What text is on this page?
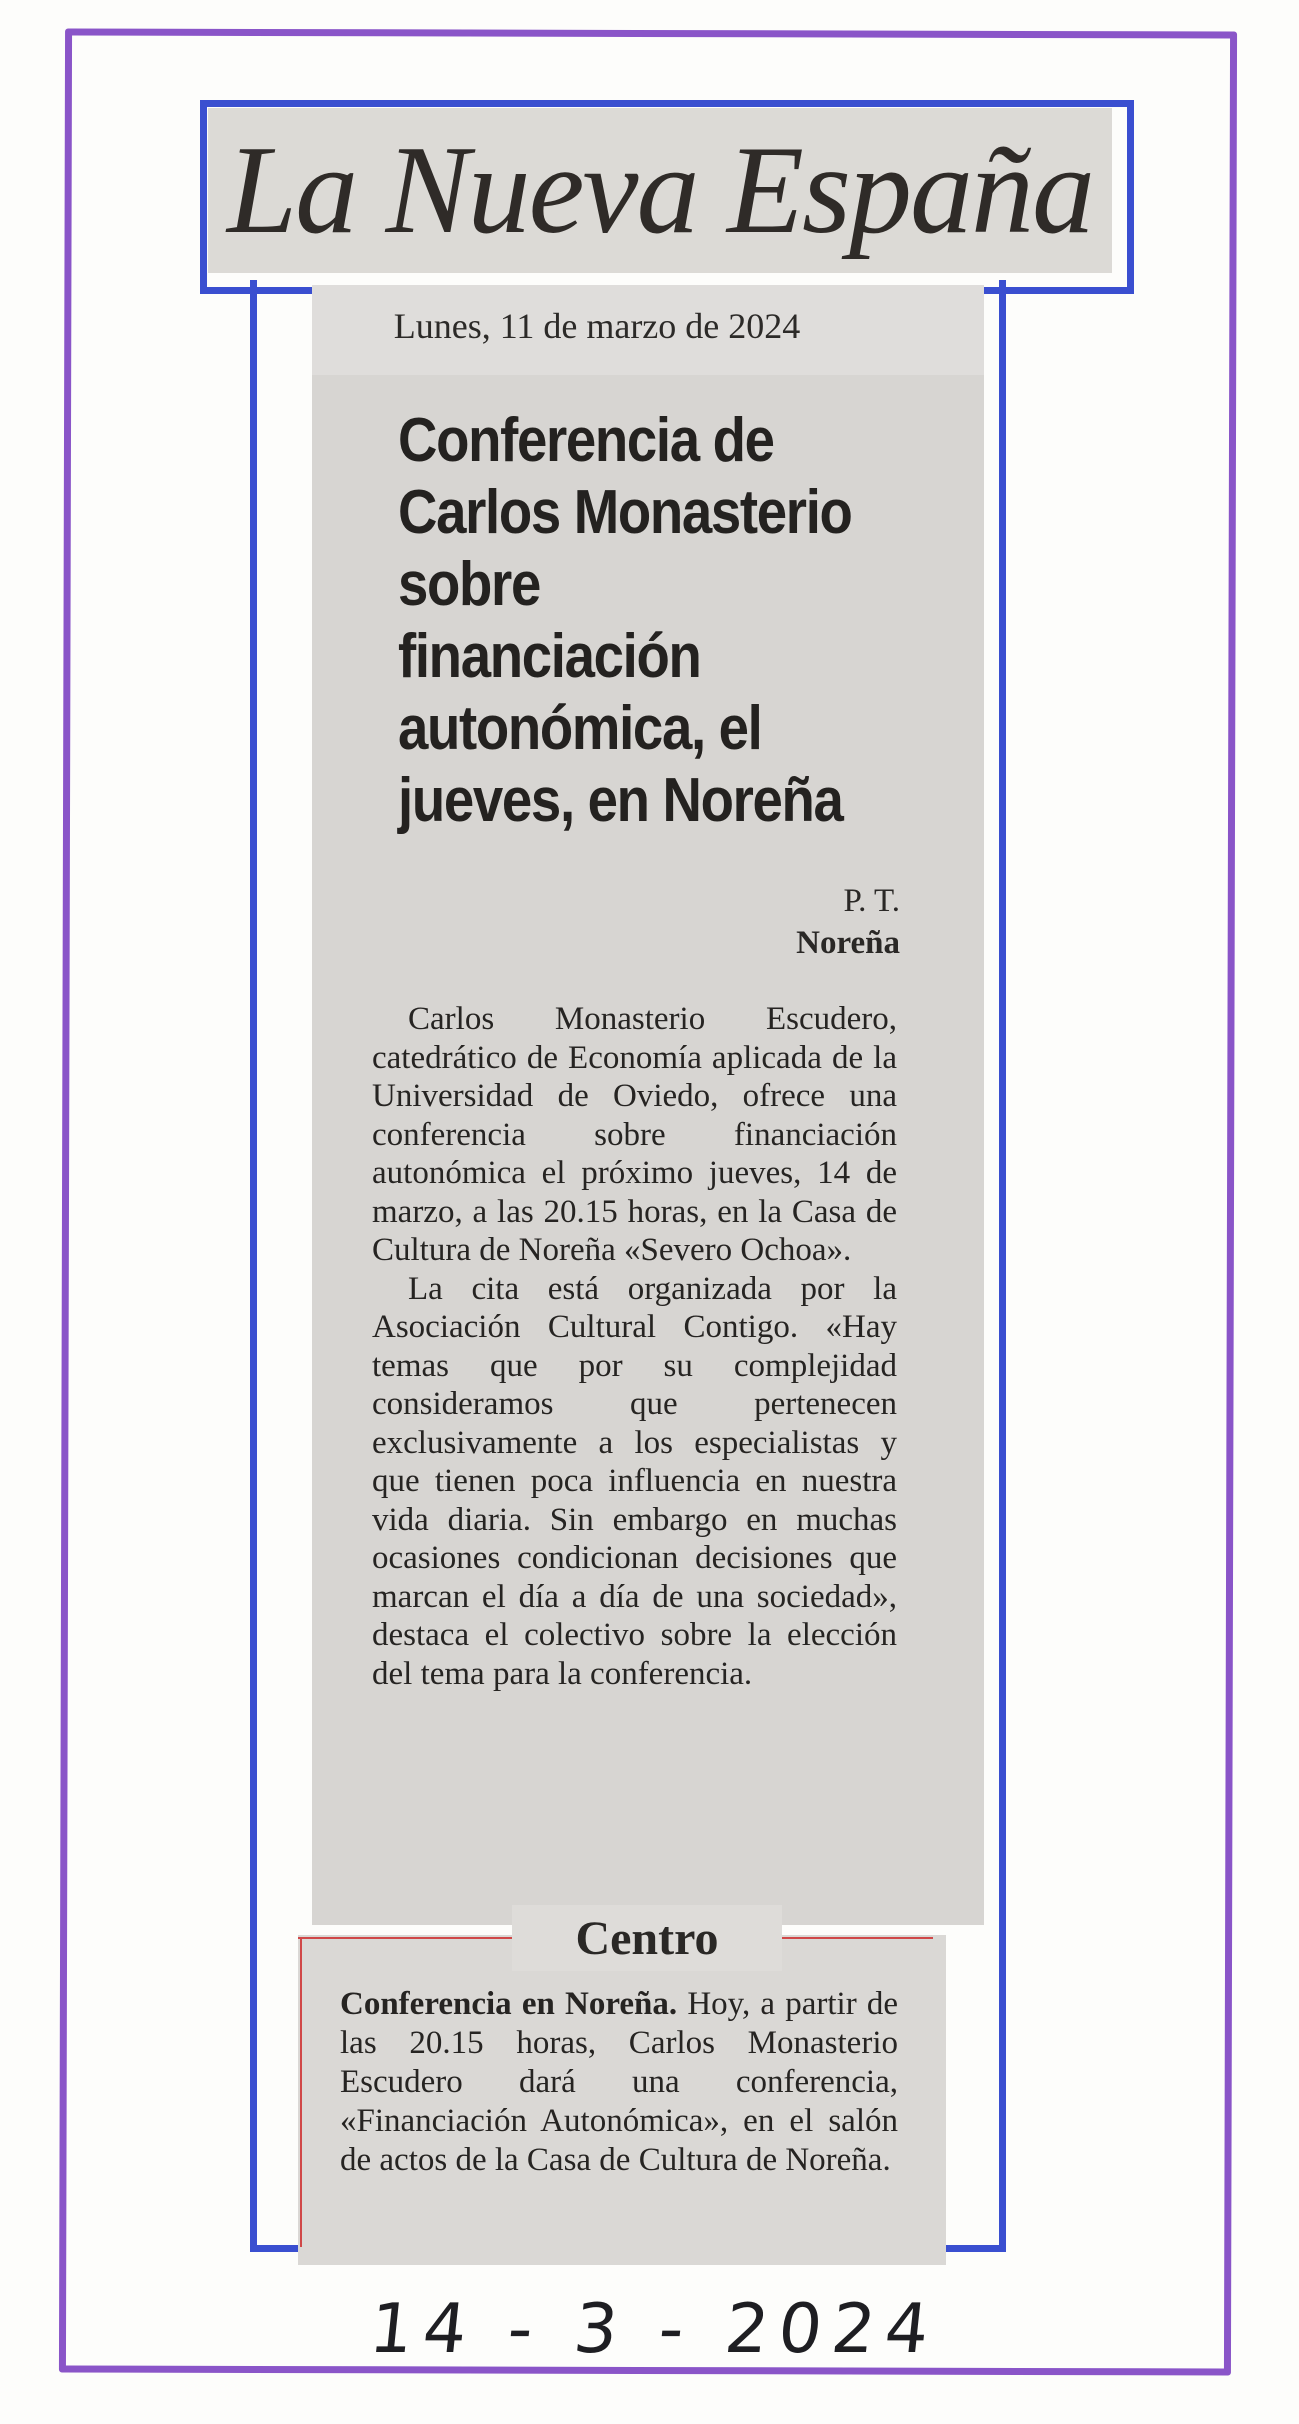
La Nueva España
Lunes, 11 de marzo de 2024
Conferencia de Carlos Monasterio sobre financiación autonómica, el jueves, en Noreña
P. T.
Noreña

Carlos Monasterio Escudero, catedrático de Economía aplicada de la Universidad de Oviedo, ofrece una conferencia sobre financiación autonómica el próximo jueves, 14 de marzo, a las 20.15 horas, en la Casa de Cultura de Noreña «Severo Ochoa».

La cita está organizada por la Asociación Cultural Contigo. «Hay temas que por su complejidad consideramos que pertenecen exclusivamente a los especialistas y que tienen poca influencia en nuestra vida diaria. Sin embargo en muchas ocasiones condicionan decisiones que marcan el día a día de una sociedad», destaca el colectivo sobre la elección del tema para la conferencia.

Centro
Conferencia en Noreña. Hoy, a partir de las 20.15 horas, Carlos Monasterio Escudero dará una conferencia, «Financiación Autonómica», en el salón de actos de la Casa de Cultura de Noreña.
14 - 3 - 2024
